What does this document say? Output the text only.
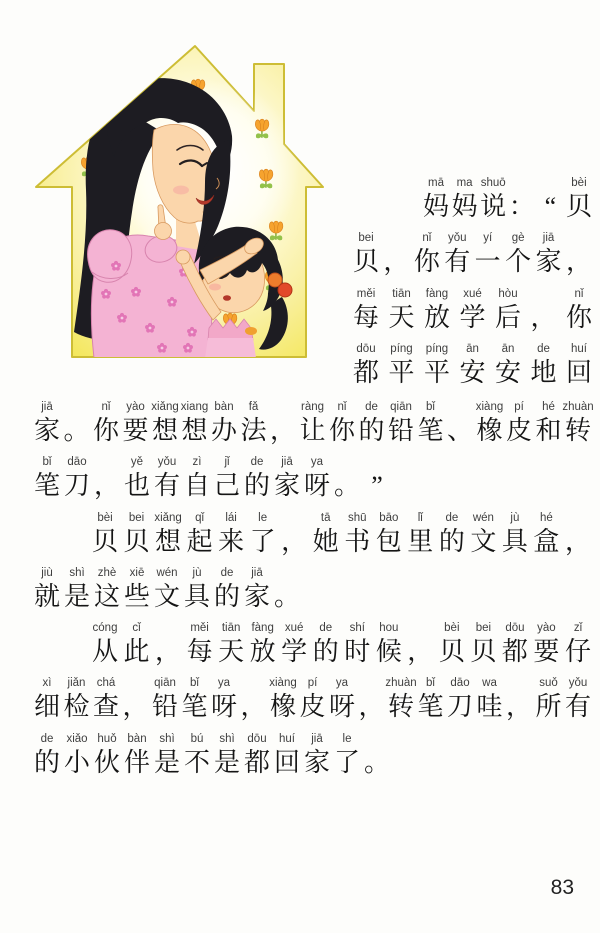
mā
妈
ma
妈
shuō
说 ： “
bèi
贝
bei
贝 ，
nǐ
你
yǒu
有
yí
一
gè
个
jiā
家 ，
měi
每
tiān
天
fàng
放
xué
学
hòu
后 ，
nǐ
你
dōu
都
píng
平
píng
平
ān
安
ān
安
de
地
huí
回
jiā
家 。
nǐ
你
yào
要
xiǎng
想
xiang
想
bàn
办
fǎ
法 ，
ràng
让
nǐ
你
de
的
qiān
铅
bǐ
笔 、
xiàng
橡
pí
皮
hé
和
zhuàn
转
bǐ
笔
dāo
刀 ，
yě
也
yǒu
有
zì
自
jǐ
己
de
的
jiā
家
ya
呀 。 ”
bèi
贝
bei
贝
xiǎng
想
qǐ
起
lái
来
le
了 ，
tā
她
shū
书
bāo
包
lǐ
里
de
的
wén
文
jù
具
hé
盒 ，
jiù
就
shì
是
zhè
这
xiē
些
wén
文
jù
具
de
的
jiā
家 。
cóng
从
cǐ
此 ，
měi
每
tiān
天
fàng
放
xué
学
de
的
shí
时
hou
候 ，
bèi
贝
bei
贝
dōu
都
yào
要
zǐ
仔
xì
细
jiǎn
检
chá
查 ，
qiān
铅
bǐ
笔
ya
呀 ，
xiàng
橡
pí
皮
ya
呀 ，
zhuàn
转
bǐ
笔
dāo
刀
wa
哇 ，
suǒ
所
yǒu
有
de
的
xiǎo
小
huǒ
伙
bàn
伴
shì
是
bú
不
shì
是
dōu
都
huí
回
jiā
家
le
了 。
83
